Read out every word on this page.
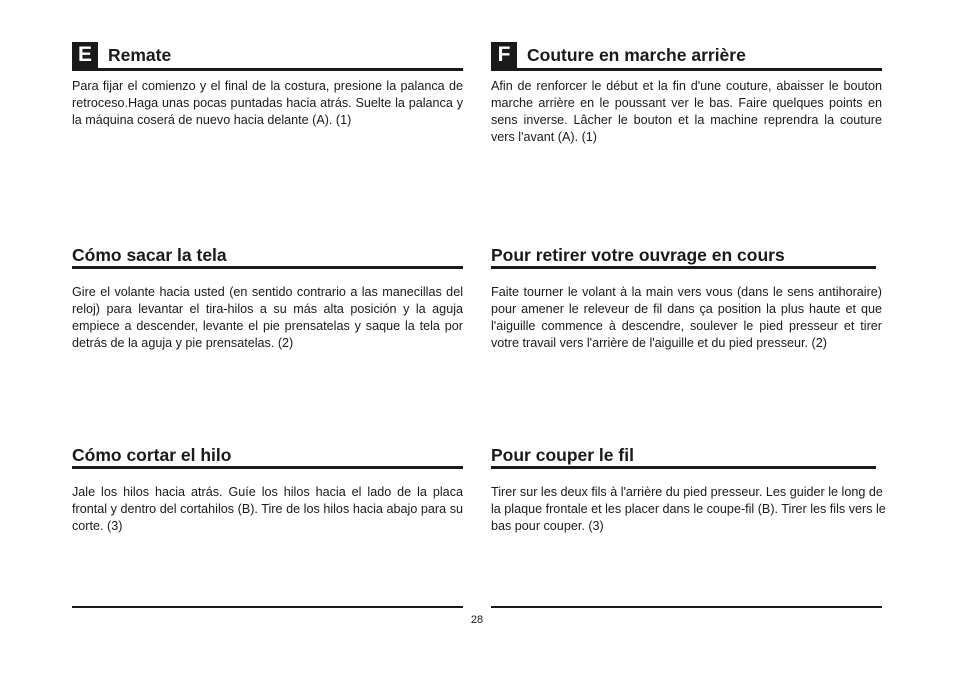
E Remate
Para fijar el comienzo y el final de la costura, presione la palanca de retroceso.Haga unas pocas puntadas hacia atrás. Suelte la palanca y la máquina coserá de nuevo hacia delante (A). (1)
Cómo sacar la tela
Gire el volante hacia usted (en sentido contrario a las manecillas del reloj) para levantar el tira-hilos a su más alta posición y la aguja empiece a descender, levante el pie prensatelas y saque la tela por detrás de la aguja y pie prensatelas. (2)
Cómo cortar el hilo
Jale los hilos hacia atrás. Guíe los hilos hacia el lado de la placa frontal y dentro del cortahilos (B). Tire de los hilos hacia abajo para su corte. (3)
F Couture en marche arrière
Afin de renforcer le début et la fin d'une couture, abaisser le bouton marche arrière en le poussant ver le bas. Faire quelques points en sens inverse. Lâcher le bouton et la machine reprendra la couture vers l'avant (A). (1)
Pour retirer votre ouvrage en cours
Faite tourner le volant à la main vers vous (dans le sens antihoraire) pour amener le releveur de fil dans ça position la plus haute et que l'aiguille commence à descendre, soulever le pied presseur et tirer votre travail vers l'arrière de l'aiguille et du pied presseur. (2)
Pour couper le fil
Tirer sur les deux fils à l'arrière du pied presseur. Les guider le long de la plaque frontale et les placer dans le coupe-fil (B). Tirer les fils vers le bas pour couper. (3)
28
